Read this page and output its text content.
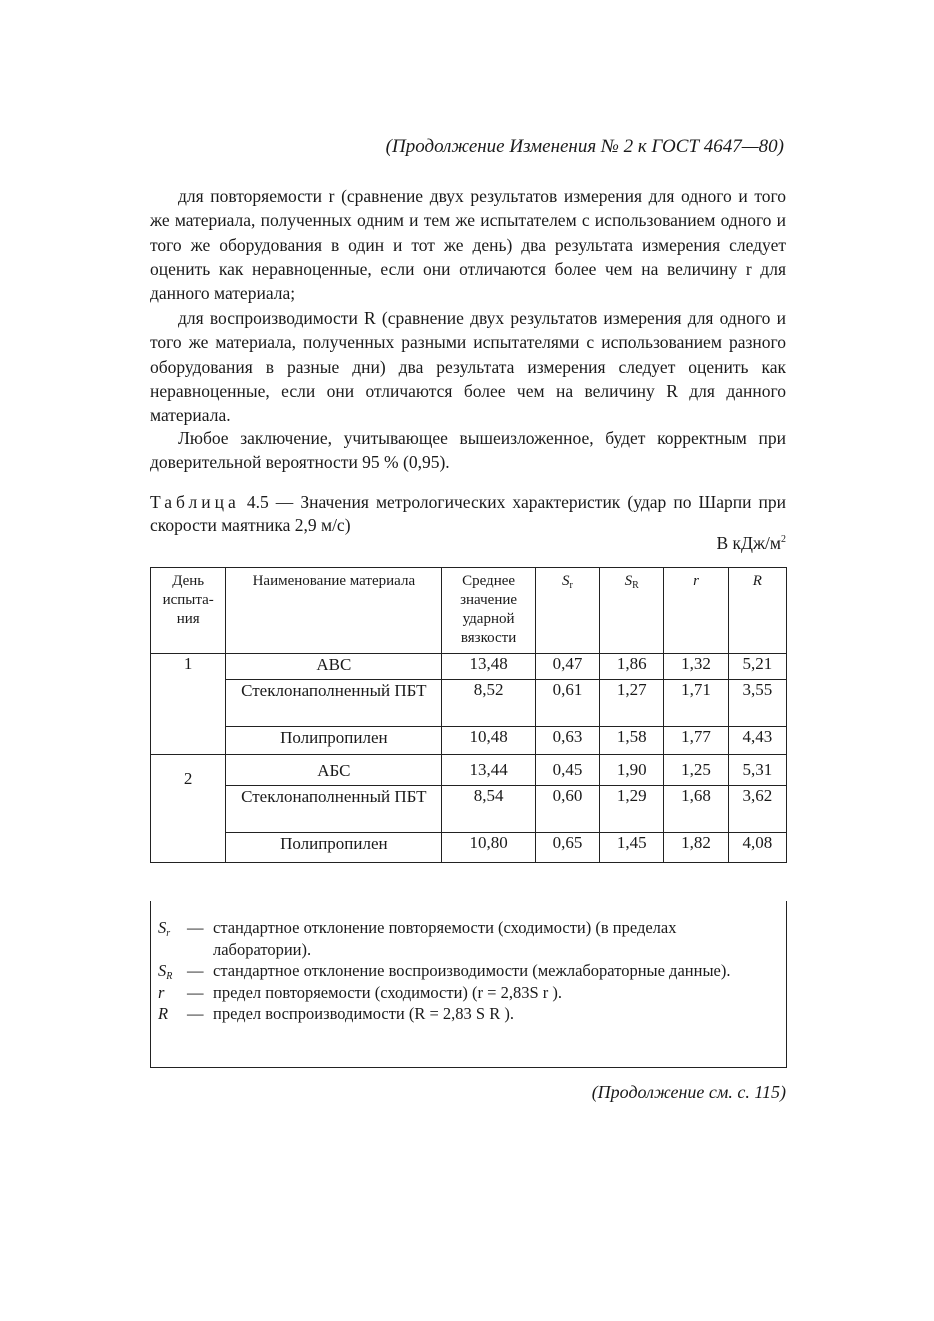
(Продолжение Изменения № 2 к ГОСТ 4647—80)
для повторяемости r (сравнение двух результатов измерения для одного и того же материала, полученных одним и тем же испытателем с использованием одного и того же оборудования в один и тот же день) два результата измерения следует оценить как неравноценные, если они отличаются более чем на величину r для данного материала;
для воспроизводимости R (сравнение двух результатов измерения для одного и того же материала, полученных разными испытателями с использованием разного оборудования в разные дни) два результата измерения следует оценить как неравноценные, если они отличаются более чем на величину R для данного материала.
Любое заключение, учитывающее вышеизложенное, будет корректным при доверительной вероятности 95 % (0,95).
Таблица 4.5 — Значения метрологических характеристик (удар по Шарпи при скорости маятника 2,9 м/с)
В кДж/$м^2$
День испыта- ния	Наименование материала	Среднее значение ударной вязкости	$S_r$	$S_R$	r	R
1	АВС	13,48	0,47	1,86	1,32	5,21
	Стеклонаполненный ПБТ	8,52	0,61	1,27	1,71	3,55
	Полипропилен	10,48	0,63	1,58	1,77	4,43
2	АБС	13,44	0,45	1,90	1,25	5,31
	Стеклонаполненный ПБТ	8,54	0,60	1,29	1,68	3,62
	Полипропилен	10,80	0,65	1,45	1,82	4,08
$S_r$ — стандартное отклонение повторяемости (сходимости) (в пределах лаборатории).
$S_R$ — стандартное отклонение воспроизводимости (межлабораторные данные).
r — предел повторяемости (сходимости) (r = 2,83S r ).
R — предел воспроизводимости (R = 2,83 S R ).
(Продолжение см. с. 115)
